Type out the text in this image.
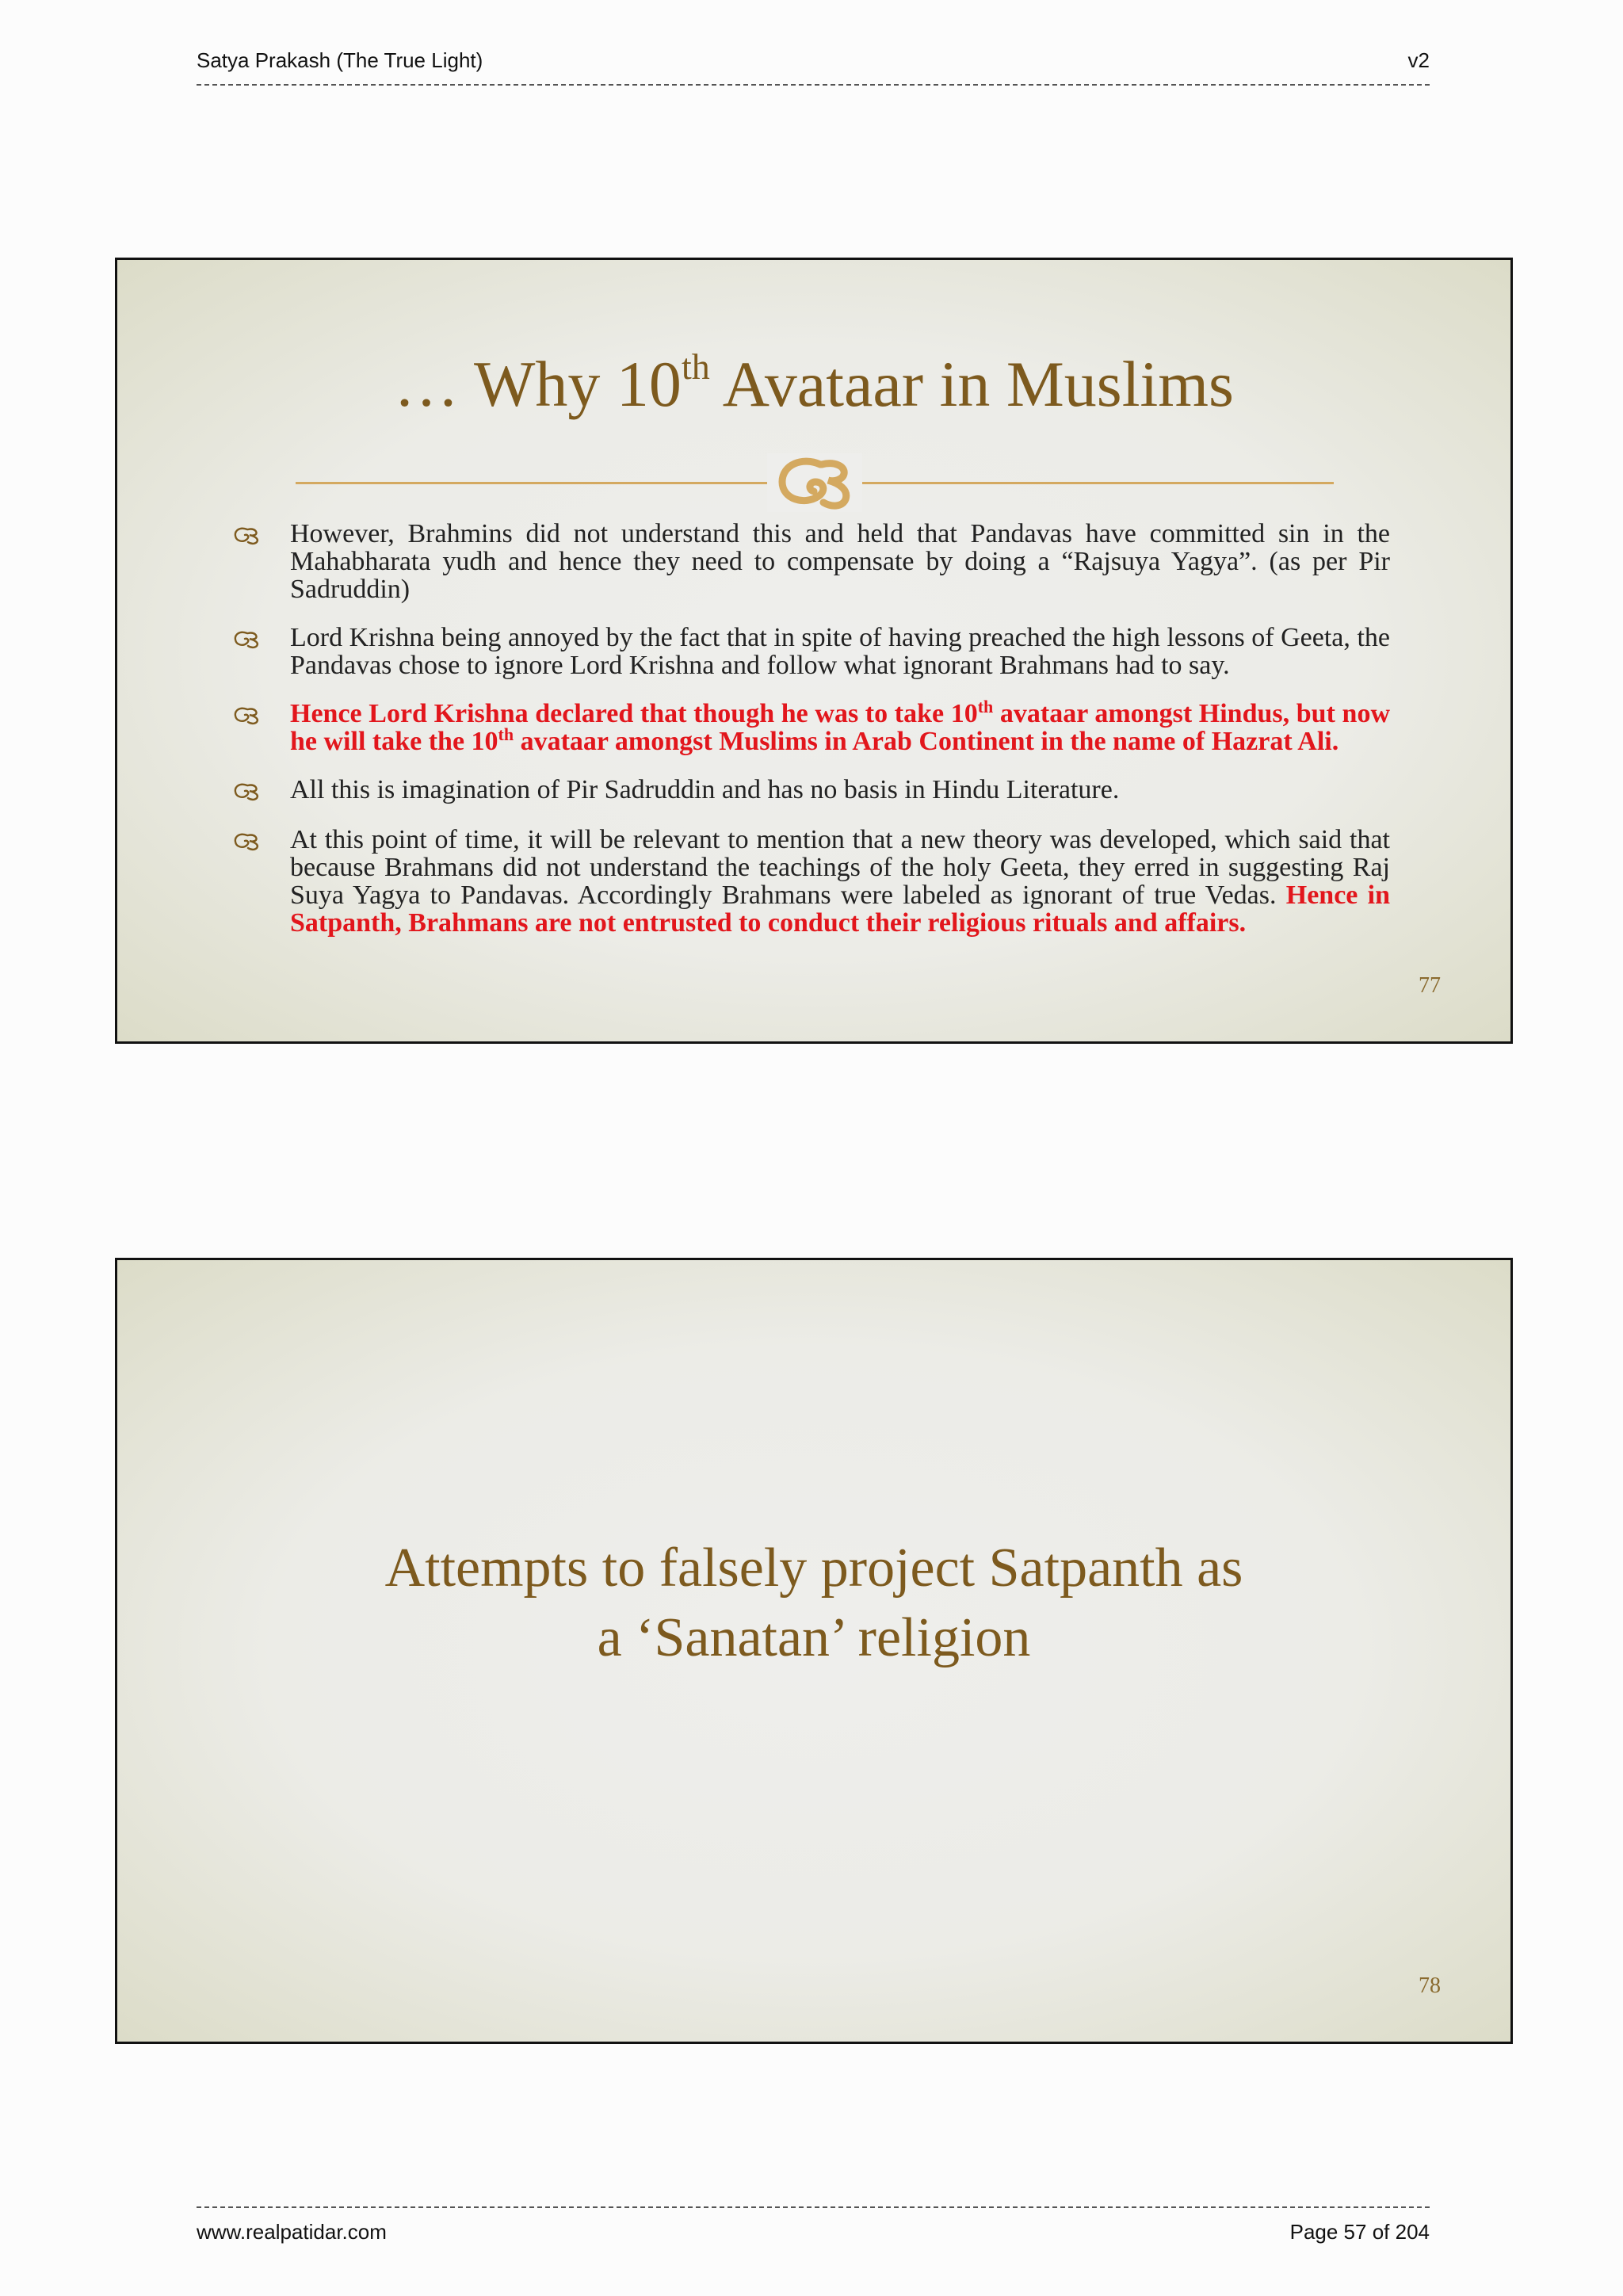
Satya Prakash (The True Light)	v2
… Why 10th Avataar in Muslims
However, Brahmins did not understand this and held that Pandavas have committed sin in the Mahabharata yudh and hence they need to compensate by doing a “Rajsuya Yagya”. (as per Pir Sadruddin)
Lord Krishna being annoyed by the fact that in spite of having preached the high lessons of Geeta, the Pandavas chose to ignore Lord Krishna and follow what ignorant Brahmans had to say.
Hence Lord Krishna declared that though he was to take 10th avataar amongst Hindus, but now he will take the 10th avataar amongst Muslims in Arab Continent in the name of Hazrat Ali.
All this is imagination of Pir Sadruddin and has no basis in Hindu Literature.
At this point of time, it will be relevant to mention that a new theory was developed, which said that because Brahmans did not understand the teachings of the holy Geeta, they erred in suggesting Raj Suya Yagya to Pandavas. Accordingly Brahmans were labeled as ignorant of true Vedas. Hence in Satpanth, Brahmans are not entrusted to conduct their religious rituals and affairs.
77
Attempts to falsely project Satpanth as
a ‘Sanatan’ religion
78
www.realpatidar.com	Page 57 of 204
